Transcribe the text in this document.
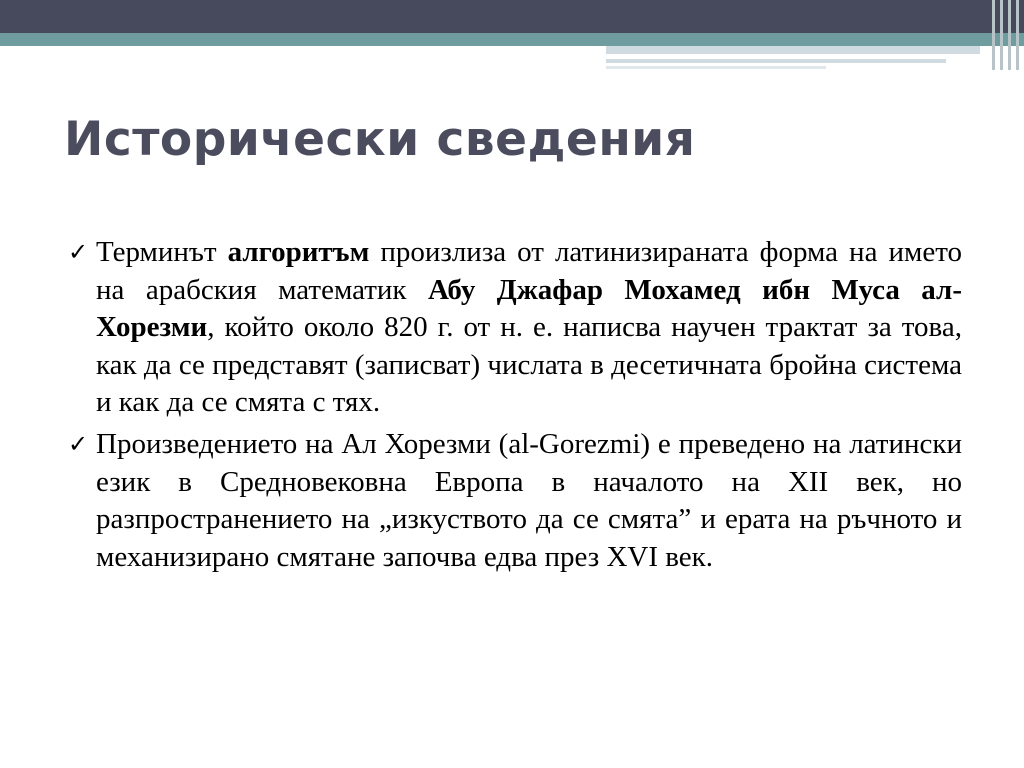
Исторически сведения
✓ Терминът алгоритъм произлиза от латинизираната форма на името на арабския математик Абу Джафар Мохамед ибн Муса ал-Хорезми, който около 820 г. от н. е. написва научен трактат за това, как да се представят (записват) числата в десетичната бройна система и как да се смята с тях.
✓ Произведението на Ал Хорезми (al-Gorezmi) е преведено на латински език в Средновековна Европа в началото на XII век, но разпространението на „изкуството да се смята” и ерата на ръчното и механизирано смятане започва едва през XVI век.
